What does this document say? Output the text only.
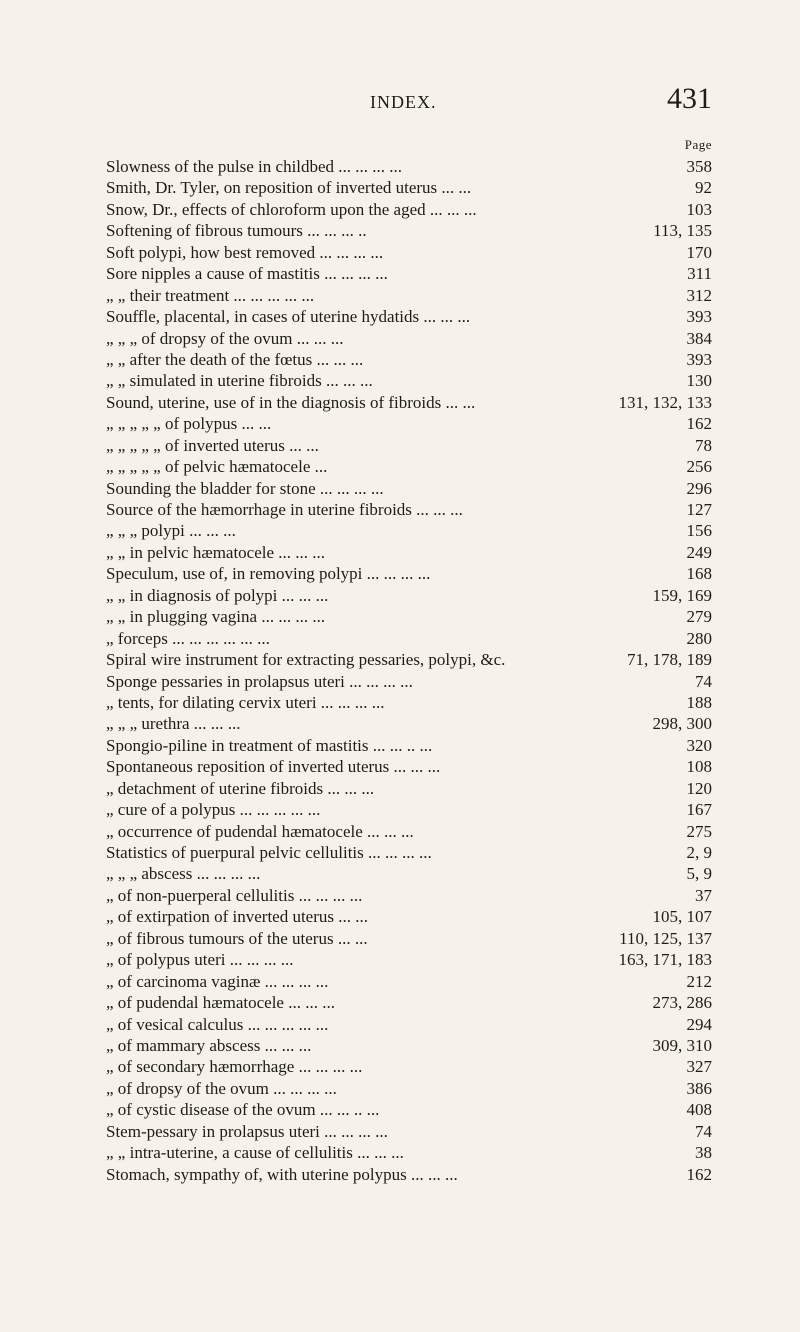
INDEX.	431
Page
Slowness of the pulse in childbed ... ... ... ...	358
Smith, Dr. Tyler, on reposition of inverted uterus ... ...	92
Snow, Dr., effects of chloroform upon the aged ... ... ...	103
Softening of fibrous tumours ... ... ... ..	113, 135
Soft polypi, how best removed ... ... ... ...	170
Sore nipples a cause of mastitis ... ... ... ...	311
„ „ their treatment ... ... ... ... ...	312
Souffle, placental, in cases of uterine hydatids ... ... ...	393
„ „ „ of dropsy of the ovum ... ... ...	384
„ „ after the death of the fœtus ... ... ...	393
„ „ simulated in uterine fibroids ... ... ...	130
Sound, uterine, use of in the diagnosis of fibroids ... ...	131, 132, 133
„ „ „ „ „ of polypus ... ...	162
„ „ „ „ „ of inverted uterus ... ...	78
„ „ „ „ „ of pelvic hæmatocele ...	256
Sounding the bladder for stone ... ... ... ...	296
Source of the hæmorrhage in uterine fibroids ... ... ...	127
„ „ „ polypi ... ... ...	156
„ „ in pelvic hæmatocele ... ... ...	249
Speculum, use of, in removing polypi ... ... ... ...	168
„ „ in diagnosis of polypi ... ... ...	159, 169
„ „ in plugging vagina ... ... ... ...	279
„ forceps ... ... ... ... ... ...	280
Spiral wire instrument for extracting pessaries, polypi, &c.	71, 178, 189
Sponge pessaries in prolapsus uteri ... ... ... ...	74
„ tents, for dilating cervix uteri ... ... ... ...	188
„ „ „ urethra ... ... ...	298, 300
Spongio-piline in treatment of mastitis ... ... .. ...	320
Spontaneous reposition of inverted uterus ... ... ...	108
„ detachment of uterine fibroids ... ... ...	120
„ cure of a polypus ... ... ... ... ...	167
„ occurrence of pudendal hæmatocele ... ... ...	275
Statistics of puerpural pelvic cellulitis ... ... ... ...	2, 9
„ „ „ abscess ... ... ... ...	5, 9
„ of non-puerperal cellulitis ... ... ... ...	37
„ of extirpation of inverted uterus ... ...	105, 107
„ of fibrous tumours of the uterus ... ...	110, 125, 137
„ of polypus uteri ... ... ... ...	163, 171, 183
„ of carcinoma vaginæ ... ... ... ...	212
„ of pudendal hæmatocele ... ... ...	273, 286
„ of vesical calculus ... ... ... ... ...	294
„ of mammary abscess ... ... ...	309, 310
„ of secondary hæmorrhage ... ... ... ...	327
„ of dropsy of the ovum ... ... ... ...	386
„ of cystic disease of the ovum ... ... .. ...	408
Stem-pessary in prolapsus uteri ... ... ... ...	74
„ „ intra-uterine, a cause of cellulitis ... ... ...	38
Stomach, sympathy of, with uterine polypus ... ... ...	162
